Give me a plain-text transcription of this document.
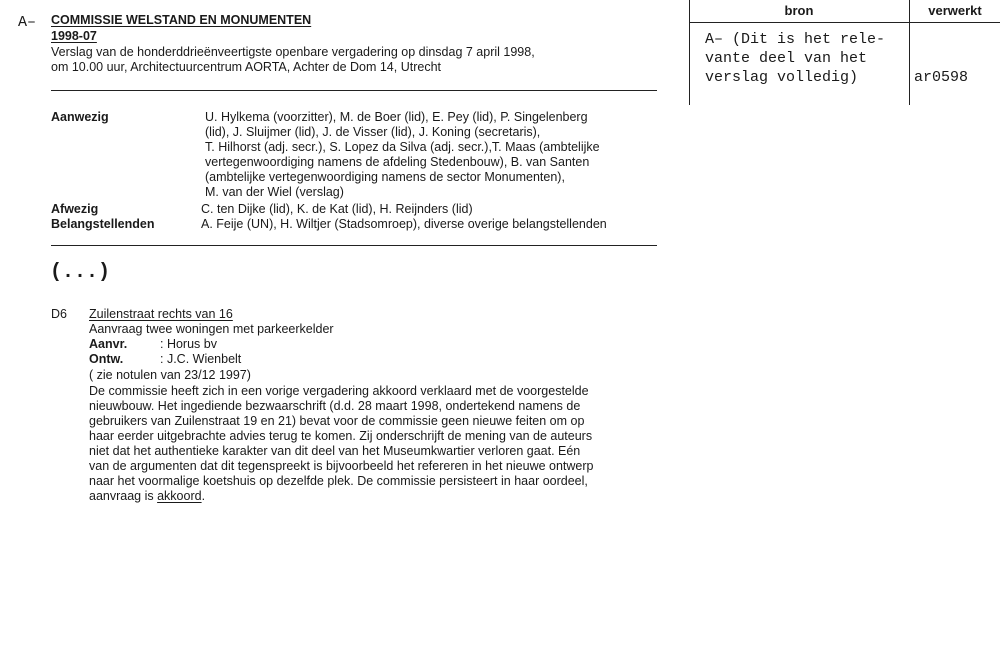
A– COMMISSIE WELSTAND EN MONUMENTEN
1998-07
Verslag van de honderddrieënveertigste openbare vergadering op dinsdag 7 april 1998,
om 10.00 uur, Architectuurcentrum AORTA, Achter de Dom 14, Utrecht
bron	verwerkt
A– (Dit is het rele-
vante deel van het
verslag volledig)	ar0598
Aanwezig	U. Hylkema (voorzitter), M. de Boer (lid), E. Pey (lid), P. Singelenberg
(lid), J. Sluijmer (lid), J. de Visser (lid), J. Koning (secretaris),
T. Hilhorst (adj. secr.), S. Lopez da Silva (adj. secr.),T. Maas (ambtelijke
vertegenwoordiging namens de afdeling Stedenbouw), B. van Santen
(ambtelijke vertegenwoordiging namens de sector Monumenten),
M. van der Wiel (verslag)
Afwezig	C. ten Dijke (lid), K. de Kat (lid), H. Reijnders (lid)
Belangstellenden	A. Feije (UN), H. Wiltjer (Stadsomroep), diverse overige belangstellenden
(...)
D6 Zuilenstraat rechts van 16
Aanvraag twee woningen met parkeerkelder
Aanvr.	: Horus bv
Ontw.	: J.C. Wienbelt
( zie notulen van 23/12 1997)
De commissie heeft zich in een vorige vergadering akkoord verklaard met de voorgestelde
nieuwbouw. Het ingediende bezwaarschrift (d.d. 28 maart 1998, ondertekend namens de
gebruikers van Zuilenstraat 19 en 21) bevat voor de commissie geen nieuwe feiten om op
haar eerder uitgebrachte advies terug te komen. Zij onderschrijft de mening van de auteurs
niet dat het authentieke karakter van dit deel van het Museumkwartier verloren gaat. Eén
van de argumenten dat dit tegenspreekt is bijvoorbeeld het refereren in het nieuwe ontwerp
naar het voormalige koetshuis op dezelfde plek. De commissie persisteert in haar oordeel,
aanvraag is akkoord.
